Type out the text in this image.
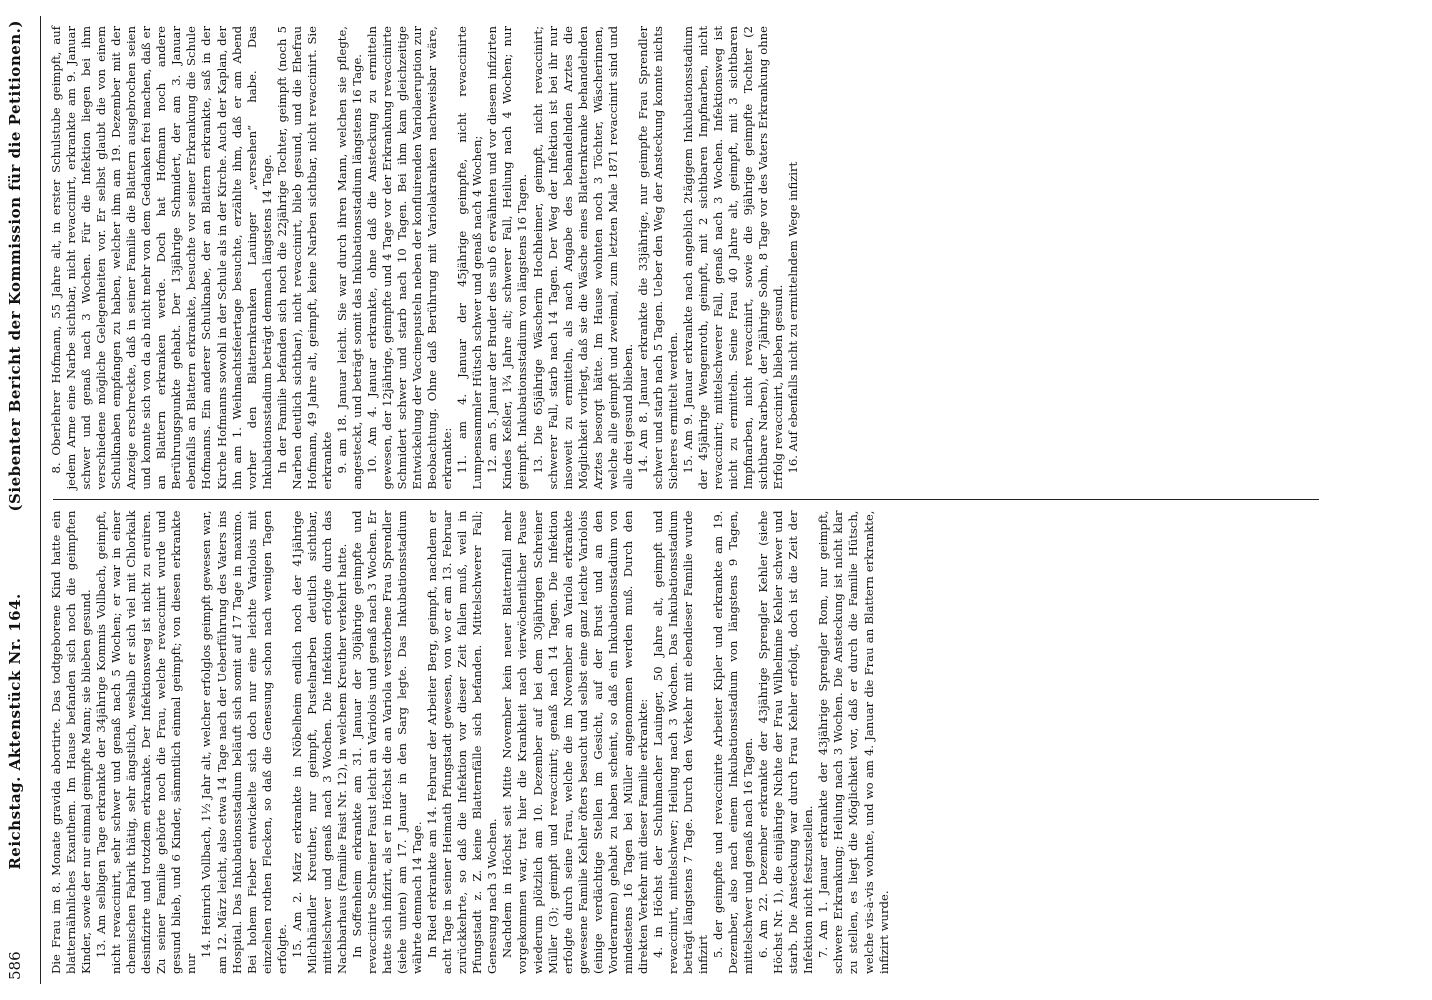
586
Reichstag. Aktenstück Nr. 164.
(Siebenter Bericht der Kommission für die Petitionen.)

Die Frau im 8. Monate gravida abortirte. Das todtgeborene Kind hatte ein blatternähnliches Exanthem. Im Hause befanden sich noch die geimpften Kinder, sowie der nur einmal geimpfte Mann; sie blieben gesund. 13. Am selbigen Tage erkrankte der 34jährige Kommis Vollbach, geimpft, nicht revaccinirt, sehr schwer und genaß nach 5 Wochen; er war in einer chemischen Fabrik thätig, sehr ängstlich, weshalb er sich viel mit Chlorkalk desinfizirte und trotzdem erkrankte. Der Infektionsweg ist nicht zu eruiren. Zu seiner Familie gehörte noch die Frau, welche revaccinirt wurde und gesund blieb, und 6 Kinder, sämmtlich einmal geimpft; von diesen erkrankte nur

14. Heinrich Vollbach, 1½ Jahr alt, welcher erfolglos geimpft gewesen war, am 12. März leicht, also etwa 14 Tage nach der Ueberführung des Vaters ins Hospital. Das Inkubationsstadium beläuft sich somit auf 17 Tage in maximo. Bei hohem Fieber entwickelte sich doch nur eine leichte Variolois mit einzelnen rothen Flecken, so daß die Genesung schon nach wenigen Tagen erfolgte. 15. Am 2. März erkrankte in Nöbelheim endlich noch der 41jährige Milchhändler Kreuther, nur geimpft, Pustelnarben deutlich sichtbar, mittelschwer und genaß nach 3 Wochen. Die Infektion erfolgte durch das Nachbarhaus (Familie Faist Nr. 12), in welchem Kreuther verkehrt hatte. In Soffenheim erkrankte am 31. Januar der 30jährige geimpfte und revaccinirte Schreiner Faust leicht an Variolois und genaß nach 3 Wochen. Er hatte sich infizirt, als er in Höchst die an Variola verstorbene Frau Sprendler (siehe unten) am 17. Januar in den Sarg legte. Das Inkubationsstadium währte demnach 14 Tage. In Ried erkrankte am 14. Februar der Arbeiter Berg, geimpft, nachdem er acht Tage in seiner Heimath Pfungstadt gewesen, von wo er am 13. Februar zurückkehrte, so daß die Infektion vor dieser Zeit fallen muß, weil in Pfungstadt z. Z. keine Blatternfälle sich befanden. Mittelschwerer Fall; Genesung nach 3 Wochen. Nachdem in Höchst seit Mitte November kein neuer Blatternfall mehr vorgekommen war, trat hier die Krankheit nach vierwöchentlicher Pause wiederum plötzlich am 10. Dezember auf bei dem 30jährigen Schreiner Müller (3); geimpft und revaccinirt; genaß nach 14 Tagen. Die Infektion erfolgte durch seine Frau, welche die im November an Variola erkrankte gewesene Familie Kehler öfters besucht und selbst eine ganz leichte Variolois (einige verdächtige Stellen im Gesicht, auf der Brust und an den Vorderarmen) gehabt zu haben scheint, so daß ein Inkubationsstadium von mindestens 16 Tagen bei Müller angenommen werden muß. Durch den direkten Verkehr mit dieser Familie erkrankte: 4. in Höchst der Schuhmacher Lauinger, 50 Jahre alt, geimpft und revaccinirt, mittelschwer; Heilung nach 3 Wochen. Das Inkubationsstadium beträgt längstens 7 Tage. Durch den Verkehr mit ebendieser Familie wurde infizirt 5. der geimpfte und revaccinirte Arbeiter Kipler und erkrankte am 19. Dezember, also nach einem Inkubationsstadium von längstens 9 Tagen, mittelschwer und genaß nach 16 Tagen. 6. Am 22. Dezember erkrankte der 43jährige Sprengler Kehler (siehe Höchst Nr. 1), die einjährige Nichte der Frau Wilhelmine Kehler schwer und starb. Die Ansteckung war durch Frau Kehler erfolgt, doch ist die Zeit der Infektion nicht festzustellen. 7. Am 1. Januar erkrankte der 43jährige Sprengler Rom, nur geimpft, schwere Erkrankung; Heilung nach 3 Wochen. Die Ansteckung ist nicht klar zu stellen, es liegt die Möglichkeit vor, daß er durch die Familie Hütsch, welche vis-à-vis wohnte, und wo am 4. Januar die Frau an Blattern erkrankte, infizirt wurde.

8. Oberlehrer Hofmann, 55 Jahre alt, in erster Schulstube geimpft, auf jedem Arme eine Narbe sichtbar, nicht revaccinirt, erkrankte am 9. Januar schwer und genaß nach 3 Wochen. Für die Infektion liegen bei ihm verschiedene mögliche Gelegenheiten vor. Er selbst glaubt die von einem Schulknaben empfangen zu haben, welcher ihm am 19. Dezember mit der Anzeige erschreckte, daß in seiner Familie die Blattern ausgebrochen seien und konnte sich von da ab nicht mehr von dem Gedanken frei machen, daß er an Blattern erkranken werde. Doch hat Hofmann noch andere Berührungspunkte gehabt. Der 13jährige Schmidert, der am 3. Januar ebenfalls an Blattern erkrankte, besuchte vor seiner Erkrankung die Schule Hofmanns. Ein anderer Schulknabe, der an Blattern erkrankte, saß in der Kirche Hofmanns sowohl in der Schule als in der Kirche. Auch der Kaplan, der ihn am 1. Weihnachtsfeiertage besuchte, erzählte ihm, daß er am Abend vorher den Blatternkranken Lauinger „versehen“ habe. Das Inkubationsstadium beträgt demnach längstens 14 Tage. In der Familie befanden sich noch die 22jährige Tochter, geimpft (noch 5 Narben deutlich sichtbar), nicht revaccinirt, blieb gesund, und die Ehefrau Hofmann, 49 Jahre alt, geimpft, keine Narben sichtbar, nicht revaccinirt. Sie erkrankte 9. am 18. Januar leicht. Sie war durch ihren Mann, welchen sie pflegte, angesteckt, und beträgt somit das Inkubationsstadium längstens 16 Tage. 10. Am 4. Januar erkrankte, ohne daß die Ansteckung zu ermitteln gewesen, der 12jährige, geimpfte und 4 Tage vor der Erkrankung revaccinirte Schmidert schwer und starb nach 10 Tagen. Bei ihm kam gleichzeitige Entwickelung der Vaccinepusteln neben der konfluirenden Variolaeruption zur Beobachtung. Ohne daß Berührung mit Variolakranken nachweisbar wäre, erkrankte: 11. am 4. Januar der 45jährige geimpfte, nicht revaccinirte Lumpensammler Hütsch schwer und genaß nach 4 Wochen; 12. am 5. Januar der Bruder des sub 6 erwähnten und vor diesem infizirten Kindes Keßler, 1¾ Jahre alt; schwerer Fall, Heilung nach 4 Wochen; nur geimpft. Inkubationsstadium von längstens 16 Tagen. 13. Die 65jährige Wäscherin Hochheimer, geimpft, nicht revaccinirt; schwerer Fall, starb nach 14 Tagen. Der Weg der Infektion ist bei ihr nur insoweit zu ermitteln, als nach Angabe des behandelnden Arztes die Möglichkeit vorliegt, daß sie die Wäsche eines Blatternkranke behandelnden Arztes besorgt hätte. Im Hause wohnten noch 3 Töchter, Wäscherinnen, welche alle geimpft und zweimal, zum letzten Male 1871 revaccinirt sind und alle drei gesund blieben. 14. Am 8. Januar erkrankte die 33jährige, nur geimpfte Frau Sprendler schwer und starb nach 5 Tagen. Ueber den Weg der Ansteckung konnte nichts Sicheres ermittelt werden. 15. Am 9. Januar erkrankte nach angeblich 2tägigem Inkubationsstadium der 45jährige Wengenroth, geimpft, mit 2 sichtbaren Impfnarben, nicht revaccinirt; mittelschwerer Fall, genaß nach 3 Wochen. Infektionsweg ist nicht zu ermitteln. Seine Frau 40 Jahre alt, geimpft, mit 3 sichtbaren Impfnarben, nicht revaccinirt, sowie die 9jährige geimpfte Tochter (2 sichtbare Narben), der 7jährige Sohn, 8 Tage vor des Vaters Erkrankung ohne Erfolg revaccinirt, blieben gesund. 16. Auf ebenfalls nicht zu ermittelndem Wege infizirt
